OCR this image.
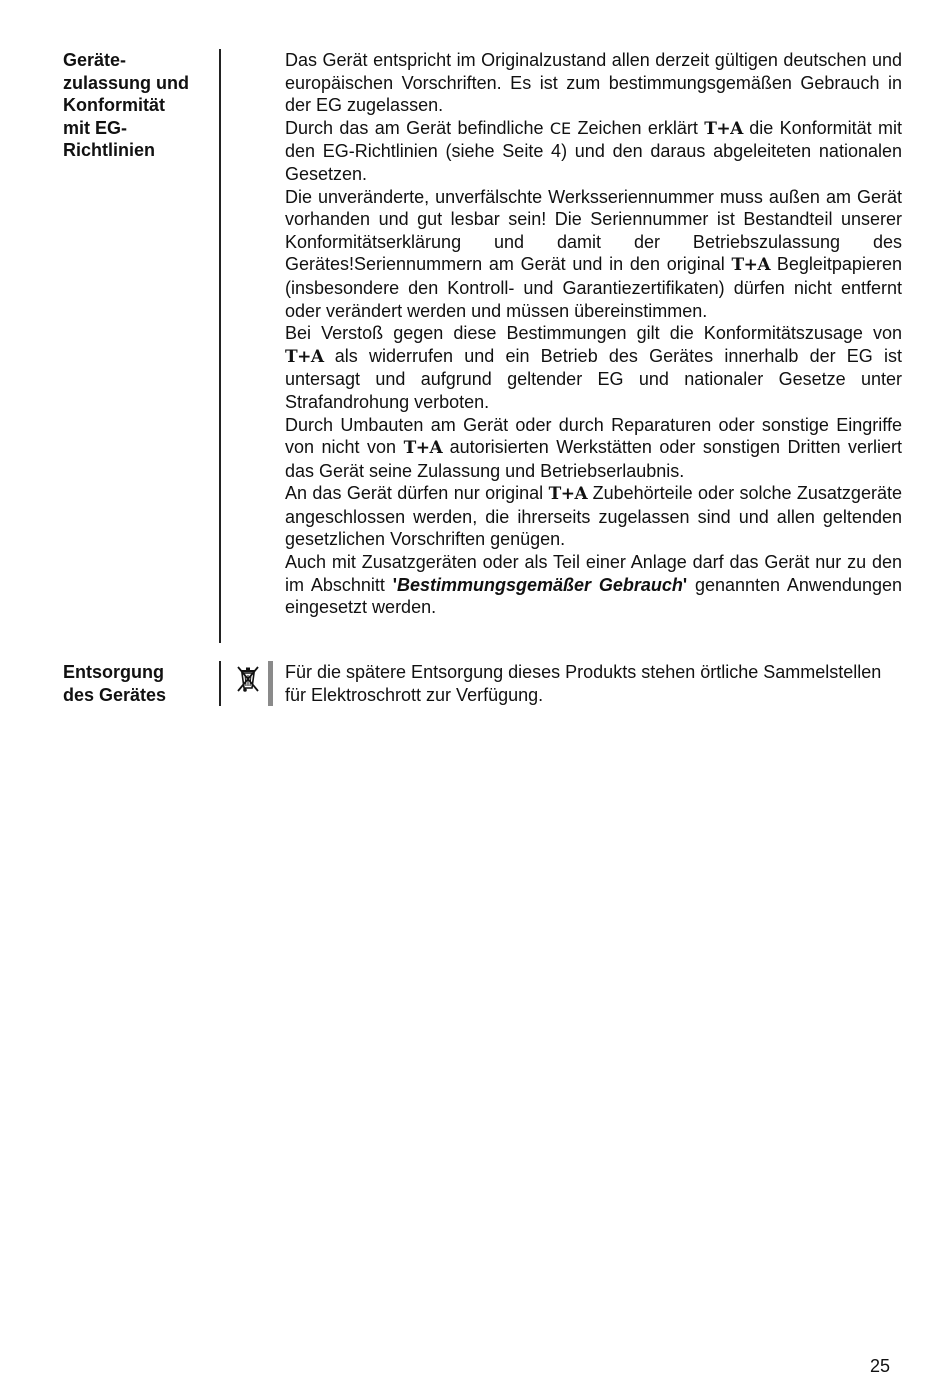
Geräte-
zulassung und
Konformität
mit EG-
Richtlinien

Das Gerät entspricht im Originalzustand allen derzeit gültigen deutschen und europäischen Vorschriften. Es ist zum bestimmungsgemäßen Gebrauch in der EG zugelassen.

Durch das am Gerät befindliche CE Zeichen erklärt T+A die Konformität mit den EG-Richtlinien (siehe Seite 4) und den daraus abgeleiteten nationalen Gesetzen.

Die unveränderte, unverfälschte Werksseriennummer muss außen am Gerät vorhanden und gut lesbar sein! Die Seriennummer ist Bestandteil unserer Konformitätserklärung und damit der Betriebszulassung des Gerätes!Seriennummern am Gerät und in den original T+A Begleitpapieren (insbesondere den Kontroll- und Garantiezertifikaten) dürfen nicht entfernt oder verändert werden und müssen übereinstimmen.

Bei Verstoß gegen diese Bestimmungen gilt die Konformitätszusage von T+A als widerrufen und ein Betrieb des Gerätes innerhalb der EG ist untersagt und aufgrund geltender EG und nationaler Gesetze unter Strafandrohung verboten.

Durch Umbauten am Gerät oder durch Reparaturen oder sonstige Eingriffe von nicht von T+A autorisierten Werkstätten oder sonstigen Dritten verliert das Gerät seine Zulassung und Betriebserlaubnis.

An das Gerät dürfen nur original T+A Zubehörteile oder solche Zusatzgeräte angeschlossen werden, die ihrerseits zugelassen sind und allen geltenden gesetzlichen Vorschriften genügen.

Auch mit Zusatzgeräten oder als Teil einer Anlage darf das Gerät nur zu den im Abschnitt 'Bestimmungsgemäßer Gebrauch' genannten Anwendungen eingesetzt werden.

Entsorgung
des Gerätes
Für die spätere Entsorgung dieses Produkts stehen örtliche Sammelstellen für Elektroschrott zur Verfügung.
25
